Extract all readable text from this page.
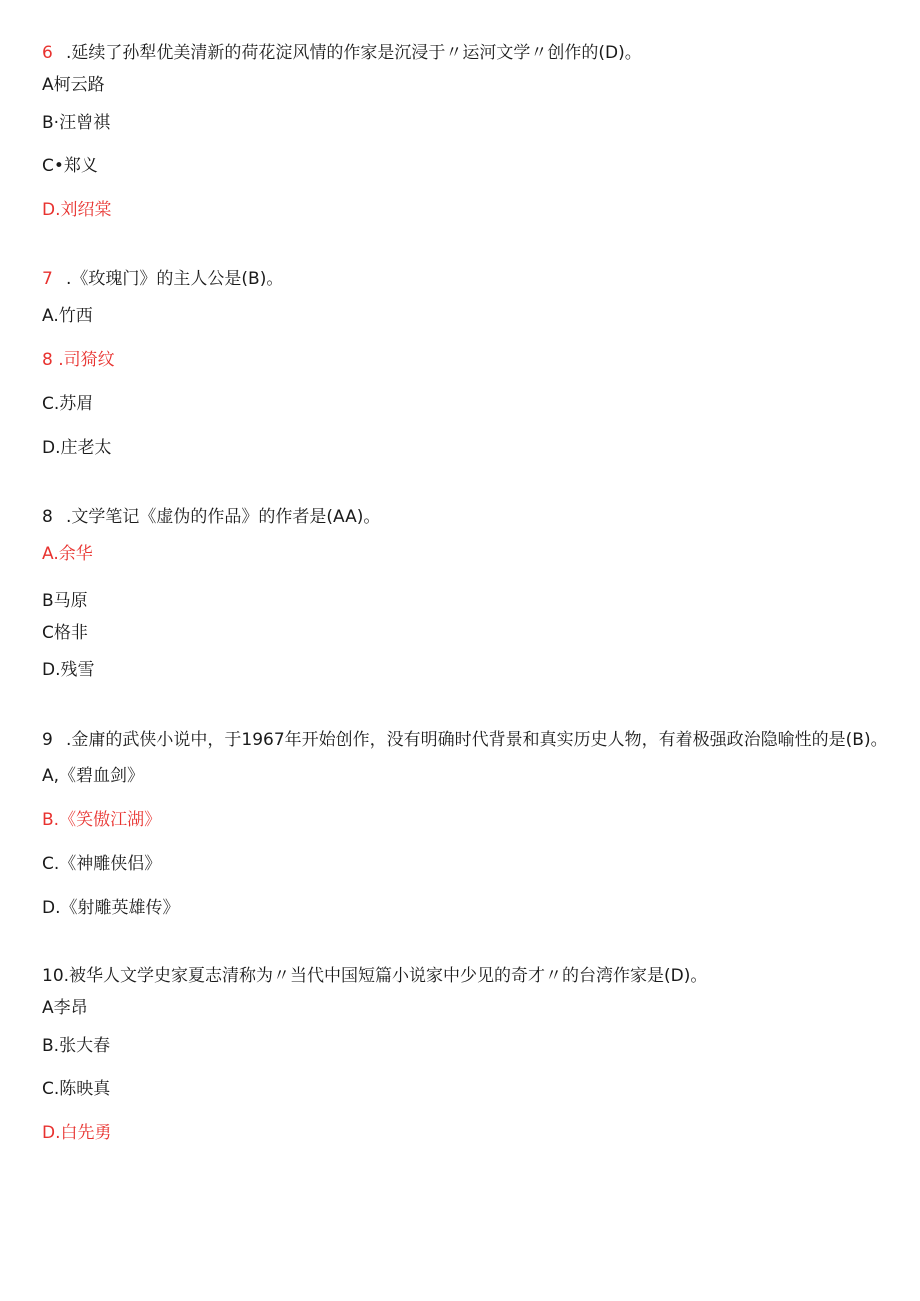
6 .延续了孙犁优美清新的荷花淀风情的作家是沉浸于〃运河文学〃创作的(D)。
A柯云路
B·汪曾祺
C•郑义
D.刘绍棠
7 .《玫瑰门》的主人公是(B)。
A.竹西
8 .司猗纹
C.苏眉
D.庄老太
8 .文学笔记《虚伪的作品》的作者是(AA)。
A.余华
B马原
C格非
D.残雪
9 .金庸的武侠小说中，于1967年开始创作，没有明确时代背景和真实历史人物，有着极强政治隐喻性的是(B)。
A,《碧血剑》
B.《笑傲江湖》
C.《神雕侠侣》
D.《射雕英雄传》
10.被华人文学史家夏志清称为〃当代中国短篇小说家中少见的奇才〃的台湾作家是(D)。
A李昂
B.张大春
C.陈映真
D.白先勇
